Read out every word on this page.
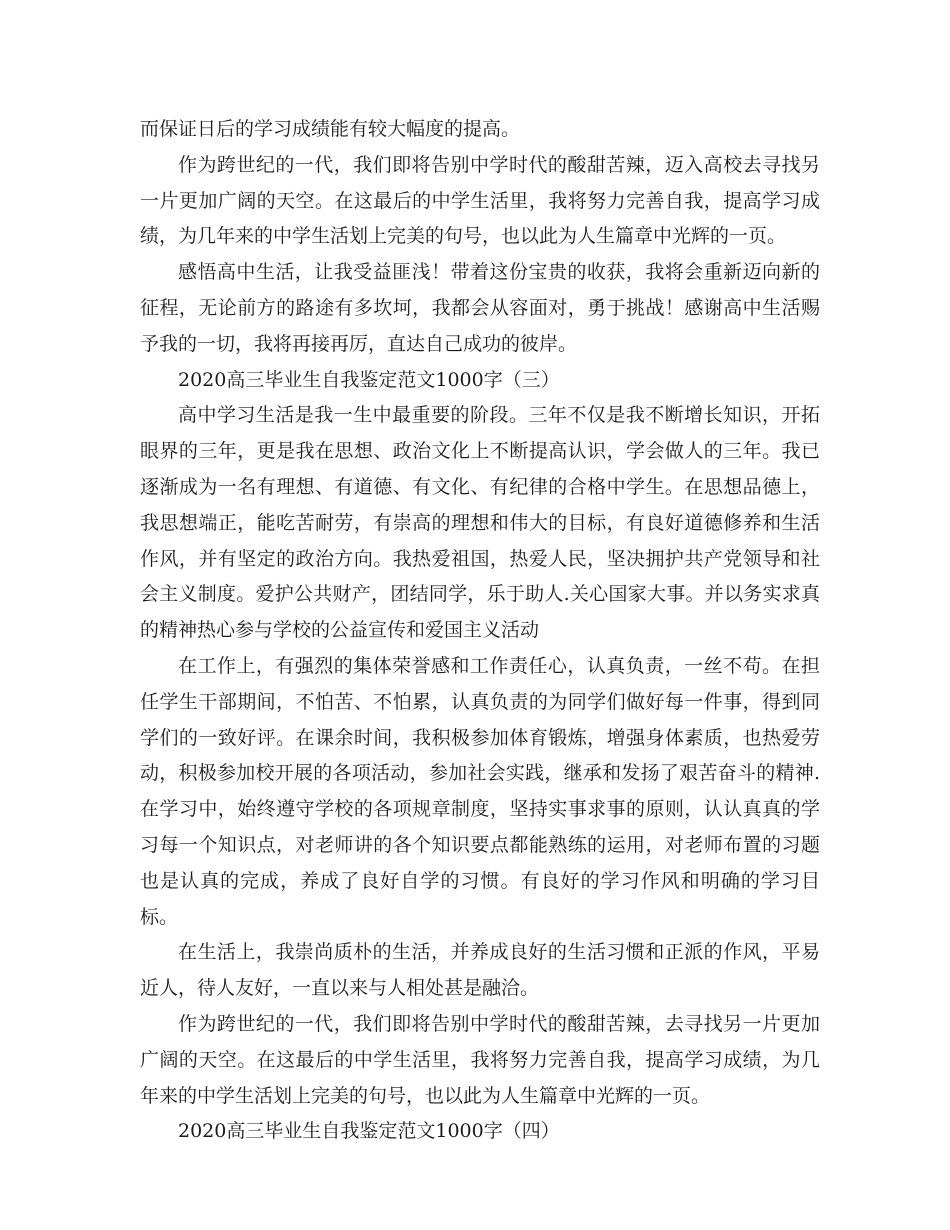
而保证日后的学习成绩能有较大幅度的提高。

作为跨世纪的一代，我们即将告别中学时代的酸甜苦辣，迈入高校去寻找另一片更加广阔的天空。在这最后的中学生活里，我将努力完善自我，提高学习成绩，为几年来的中学生活划上完美的句号，也以此为人生篇章中光辉的一页。

感悟高中生活，让我受益匪浅！带着这份宝贵的收获，我将会重新迈向新的征程，无论前方的路途有多坎坷，我都会从容面对，勇于挑战！感谢高中生活赐予我的一切，我将再接再厉，直达自己成功的彼岸。

2020高三毕业生自我鉴定范文1000字（三）

高中学习生活是我一生中最重要的阶段。三年不仅是我不断增长知识，开拓眼界的三年，更是我在思想、政治文化上不断提高认识，学会做人的三年。我已逐渐成为一名有理想、有道德、有文化、有纪律的合格中学生。在思想品德上，我思想端正，能吃苦耐劳，有崇高的理想和伟大的目标，有良好道德修养和生活作风，并有坚定的政治方向。我热爱祖国，热爱人民，坚决拥护共产党领导和社会主义制度。爱护公共财产，团结同学，乐于助人.关心国家大事。并以务实求真的精神热心参与学校的公益宣传和爱国主义活动

在工作上，有强烈的集体荣誉感和工作责任心，认真负责，一丝不苟。在担任学生干部期间，不怕苦、不怕累，认真负责的为同学们做好每一件事，得到同学们的一致好评。在课余时间，我积极参加体育锻炼，增强身体素质，也热爱劳动，积极参加校开展的各项活动，参加社会实践，继承和发扬了艰苦奋斗的精神.在学习中，始终遵守学校的各项规章制度，坚持实事求事的原则，认认真真的学习每一个知识点，对老师讲的各个知识要点都能熟练的运用，对老师布置的习题也是认真的完成，养成了良好自学的习惯。有良好的学习作风和明确的学习目标。

在生活上，我崇尚质朴的生活，并养成良好的生活习惯和正派的作风，平易近人，待人友好，一直以来与人相处甚是融洽。

作为跨世纪的一代，我们即将告别中学时代的酸甜苦辣，去寻找另一片更加广阔的天空。在这最后的中学生活里，我将努力完善自我，提高学习成绩，为几年来的中学生活划上完美的句号，也以此为人生篇章中光辉的一页。

2020高三毕业生自我鉴定范文1000字（四）
